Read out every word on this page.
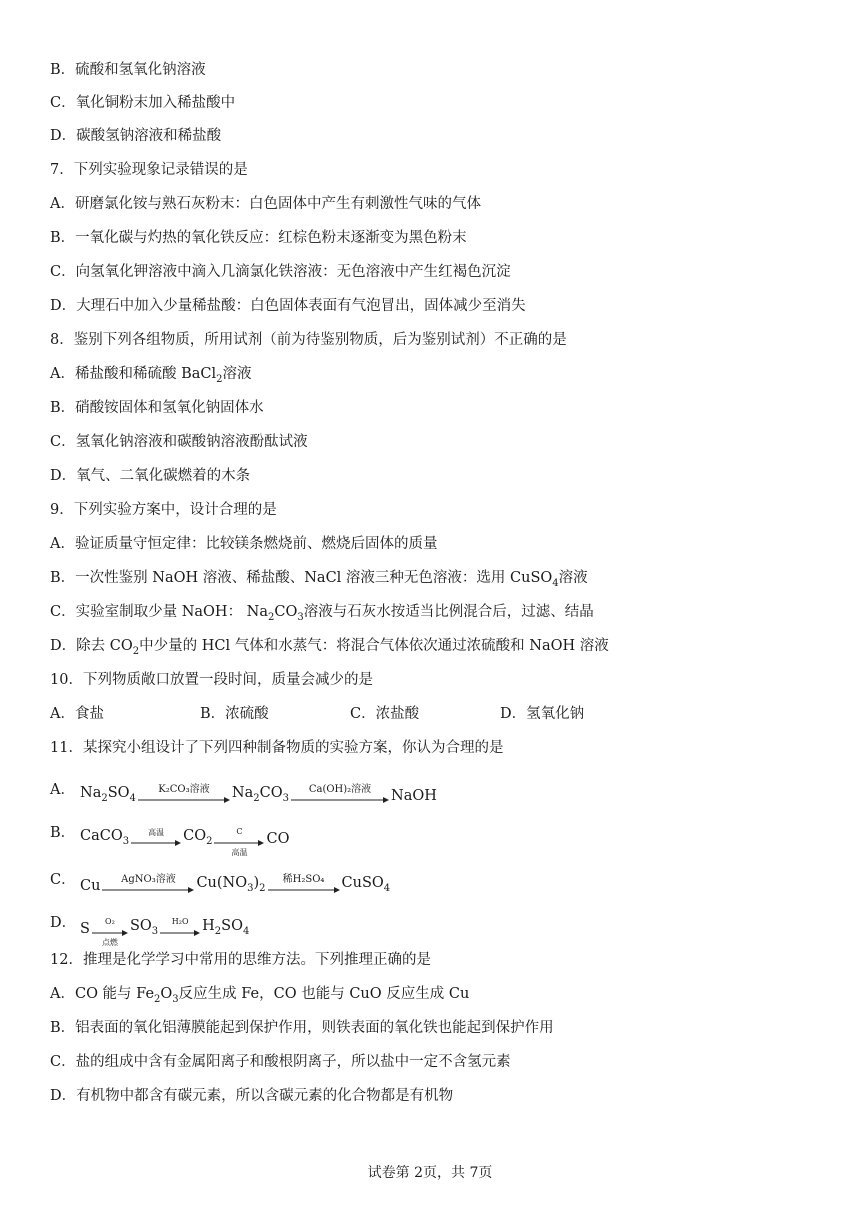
B．硫酸和氢氧化钠溶液
C．氧化铜粉末加入稀盐酸中
D．碳酸氢钠溶液和稀盐酸
7．下列实验现象记录错误的是
A．研磨氯化铵与熟石灰粉末：白色固体中产生有刺激性气味的气体
B．一氧化碳与灼热的氧化铁反应：红棕色粉末逐渐变为黑色粉末
C．向氢氧化钾溶液中滴入几滴氯化铁溶液：无色溶液中产生红褐色沉淀
D．大理石中加入少量稀盐酸：白色固体表面有气泡冒出，固体减少至消失
8．鉴别下列各组物质，所用试剂（前为待鉴别物质，后为鉴别试剂）不正确的是
A．稀盐酸和稀硫酸 BaCl$_2$溶液
B．硝酸铵固体和氢氧化钠固体水
C．氢氧化钠溶液和碳酸钠溶液酚酞试液
D．氧气、二氧化碳燃着的木条
9．下列实验方案中，设计合理的是
A．验证质量守恒定律：比较镁条燃烧前、燃烧后固体的质量
B．一次性鉴别 NaOH 溶液、稀盐酸、NaCl 溶液三种无色溶液：选用 CuSO$_4$溶液
C．实验室制取少量 NaOH： $Na_2CO_3$溶液与石灰水按适当比例混合后，过滤、结晶
D．除去 $CO_2$中少量的 HCl 气体和水蒸气：将混合气体依次通过浓硫酸和 NaOH 溶液
10．下列物质敞口放置一段时间，质量会减少的是
A．食盐	B．浓硫酸	C．浓盐酸	D．氢氧化钠
11．某探究小组设计了下列四种制备物质的实验方案，你认为合理的是
A． $Na_2SO_4$
K₂CO₃溶液	$Na_2CO_3$
Ca(OH)₂溶液	NaOH
B． CaCO$_3$
高温	$CO_2$
C
高温
CO
C． Cu	AgNO₃溶液	$Cu(NO_3)_2$
稀H₂SO₄	CuSO$_4$
D． S	O₂
点燃
$SO_3$
H₂O $H_2SO_4$
12．推理是化学学习中常用的思维方法。下列推理正确的是
A．CO 能与 $Fe_2O_3$反应生成 Fe，CO 也能与 CuO 反应生成 Cu
B．铝表面的氧化铝薄膜能起到保护作用，则铁表面的氧化铁也能起到保护作用
C．盐的组成中含有金属阳离子和酸根阴离子，所以盐中一定不含氢元素
D．有机物中都含有碳元素，所以含碳元素的化合物都是有机物
试卷第 2页，共 7页
